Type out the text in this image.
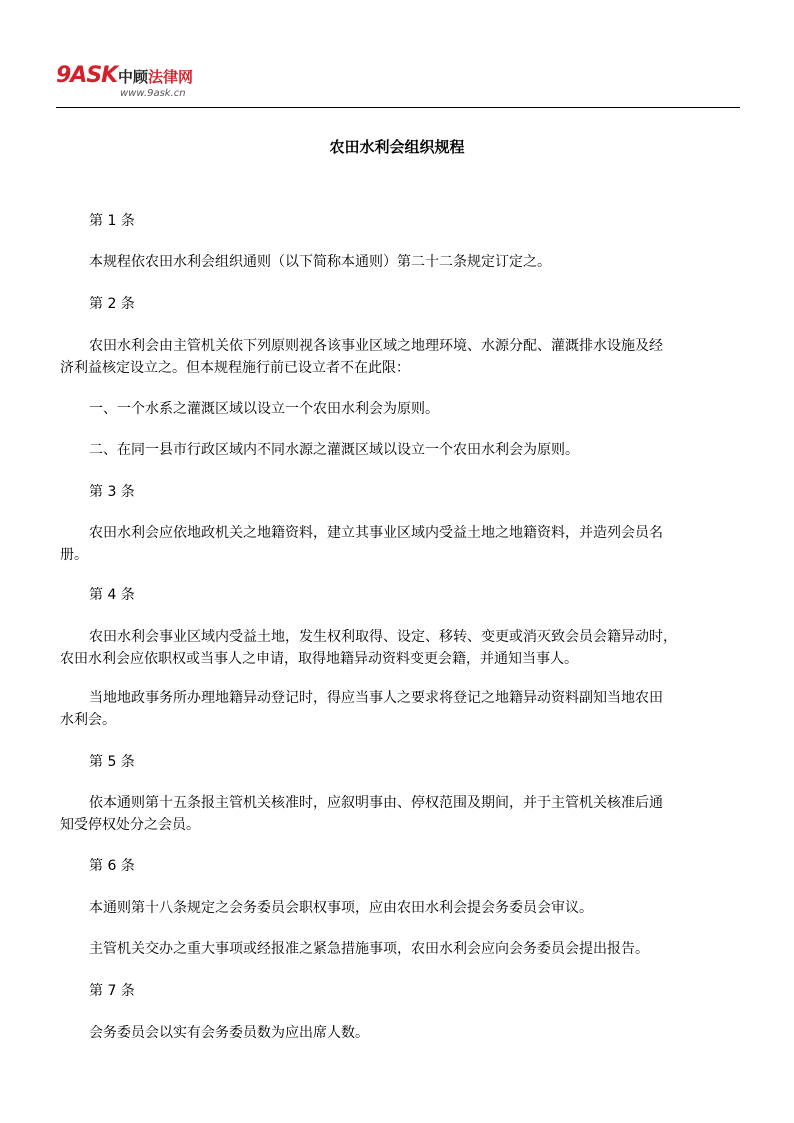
9ASK 中顾法律网
www.9ask.cn
农田水利会组织规程

第 1 条

本规程依农田水利会组织通则（以下简称本通则）第二十二条规定订定之。

第 2 条

农田水利会由主管机关依下列原则视各该事业区域之地理环境、水源分配、灌溉排水设施及经
济利益核定设立之。但本规程施行前已设立者不在此限：

一、一个水系之灌溉区域以设立一个农田水利会为原则。

二、在同一县市行政区域内不同水源之灌溉区域以设立一个农田水利会为原则。

第 3 条

农田水利会应依地政机关之地籍资料，建立其事业区域内受益土地之地籍资料，并造列会员名
册。

第 4 条

农田水利会事业区域内受益土地，发生权利取得、设定、移转、变更或消灭致会员会籍异动时，
农田水利会应依职权或当事人之申请，取得地籍异动资料变更会籍，并通知当事人。

当地地政事务所办理地籍异动登记时，得应当事人之要求将登记之地籍异动资料副知当地农田
水利会。

第 5 条

依本通则第十五条报主管机关核准时，应叙明事由、停权范围及期间，并于主管机关核准后通
知受停权处分之会员。

第 6 条

本通则第十八条规定之会务委员会职权事项，应由农田水利会提会务委员会审议。

主管机关交办之重大事项或经报准之紧急措施事项，农田水利会应向会务委员会提出报告。

第 7 条

会务委员会以实有会务委员数为应出席人数。
